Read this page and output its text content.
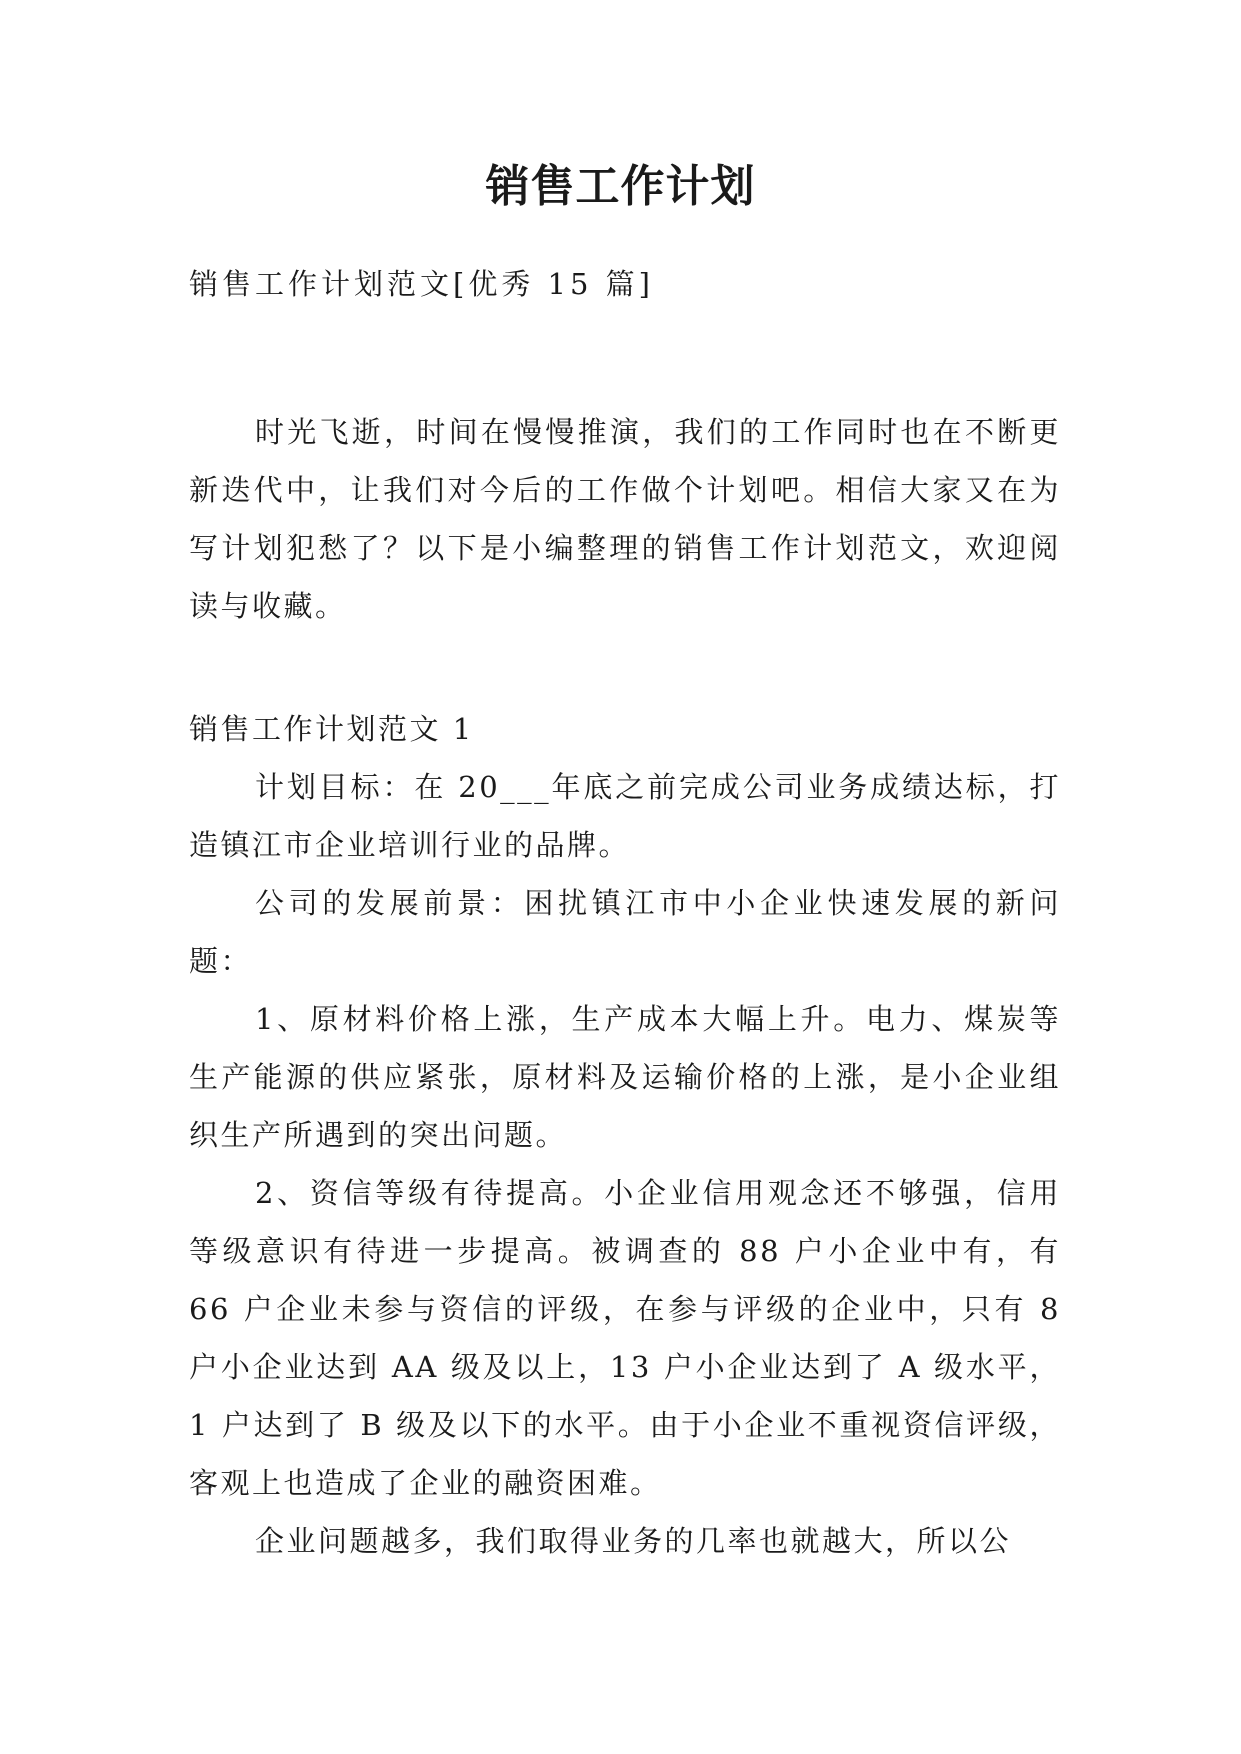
销售工作计划

销售工作计划范文[优秀 15 篇]

时光飞逝，时间在慢慢推演，我们的工作同时也在不断更新迭代中，让我们对今后的工作做个计划吧。相信大家又在为写计划犯愁了？以下是小编整理的销售工作计划范文，欢迎阅读与收藏。

销售工作计划范文 1

计划目标：在 20___年底之前完成公司业务成绩达标，打造镇江市企业培训行业的品牌。

公司的发展前景：困扰镇江市中小企业快速发展的新问题：

1、原材料价格上涨，生产成本大幅上升。电力、煤炭等生产能源的供应紧张，原材料及运输价格的上涨，是小企业组织生产所遇到的突出问题。

2、资信等级有待提高。小企业信用观念还不够强，信用等级意识有待进一步提高。被调查的 88 户小企业中有，有 66 户企业未参与资信的评级，在参与评级的企业中，只有 8 户小企业达到 AA 级及以上，13 户小企业达到了 A 级水平，1 户达到了 B 级及以下的水平。由于小企业不重视资信评级，客观上也造成了企业的融资困难。

企业问题越多，我们取得业务的几率也就越大，所以公
